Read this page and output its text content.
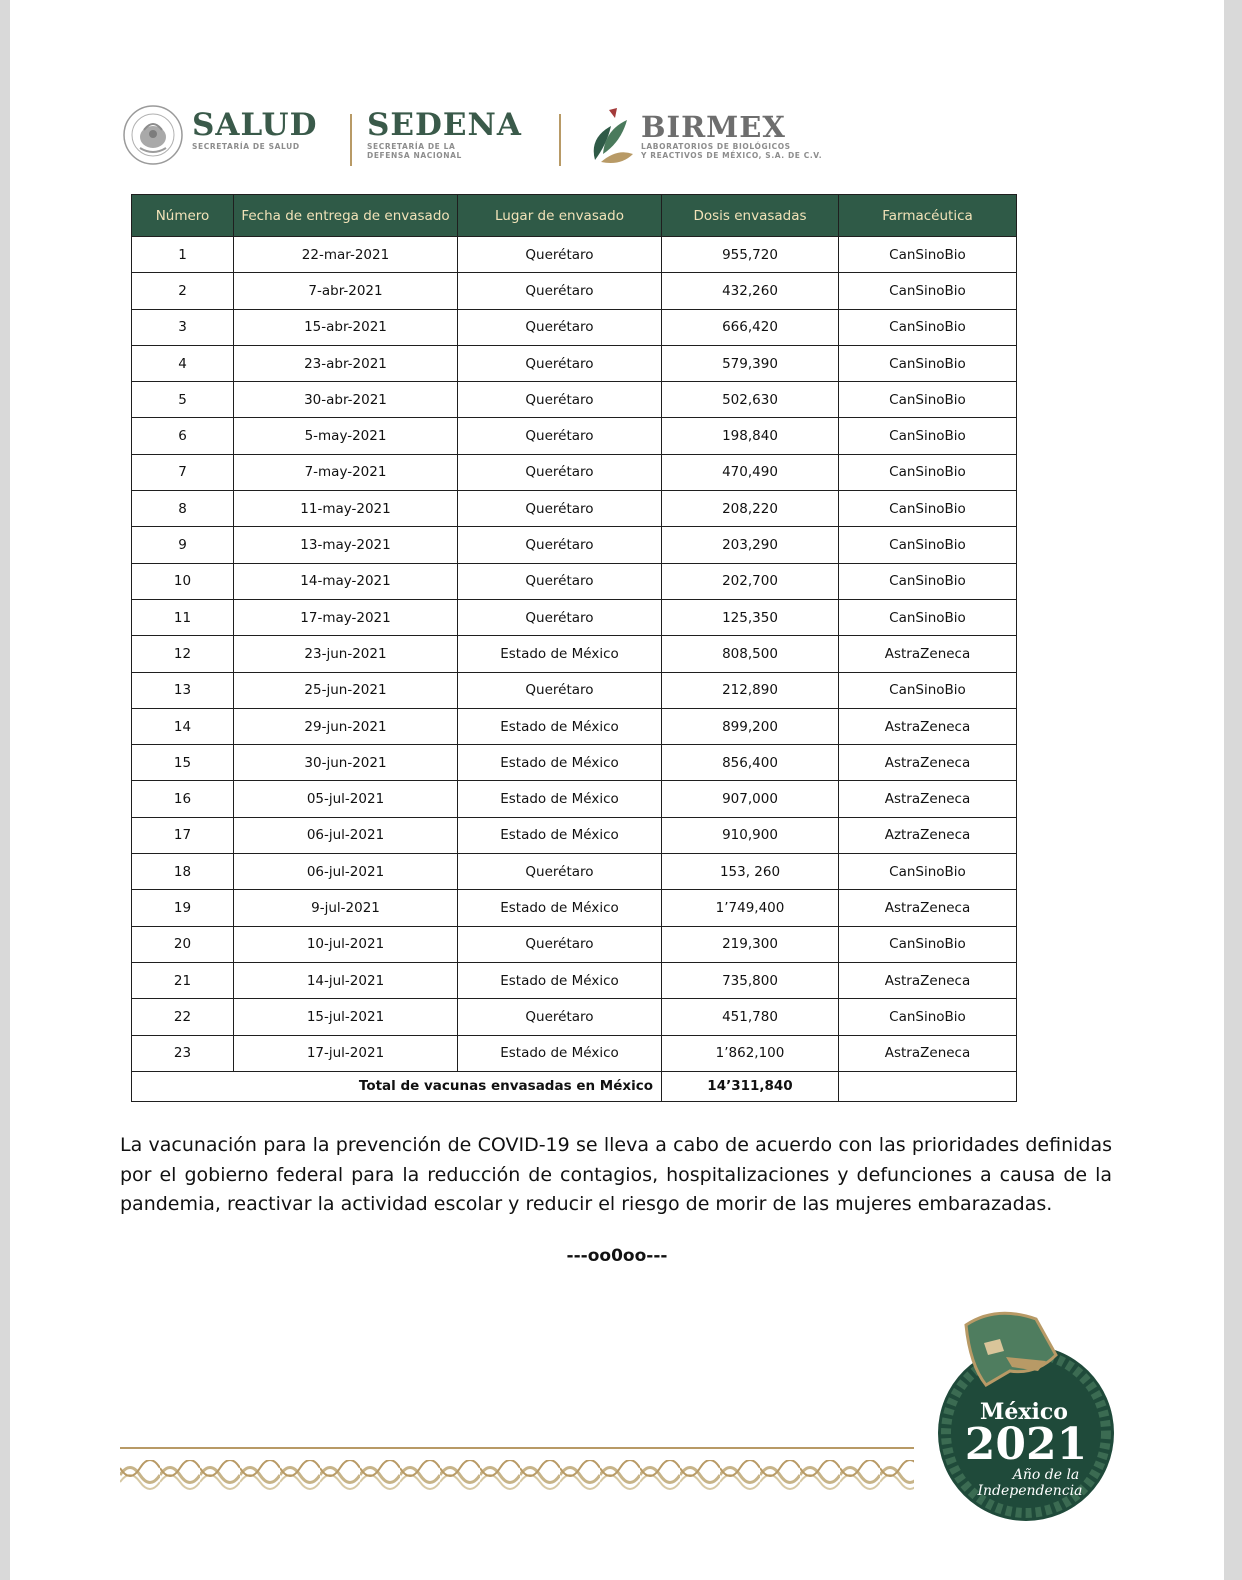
SALUD
SECRETARÍA DE SALUD
SEDENA
SECRETARÍA DE LA
DEFENSA NACIONAL
BIRMEX
LABORATORIOS DE BIOLÓGICOS
Y REACTIVOS DE MÉXICO, S.A. DE C.V.
Número	Fecha de entrega de envasado	Lugar de envasado	Dosis envasadas	Farmacéutica
1	22-mar-2021	Querétaro	955,720	CanSinoBio
2	7-abr-2021	Querétaro	432,260	CanSinoBio
3	15-abr-2021	Querétaro	666,420	CanSinoBio
4	23-abr-2021	Querétaro	579,390	CanSinoBio
5	30-abr-2021	Querétaro	502,630	CanSinoBio
6	5-may-2021	Querétaro	198,840	CanSinoBio
7	7-may-2021	Querétaro	470,490	CanSinoBio
8	11-may-2021	Querétaro	208,220	CanSinoBio
9	13-may-2021	Querétaro	203,290	CanSinoBio
10	14-may-2021	Querétaro	202,700	CanSinoBio
11	17-may-2021	Querétaro	125,350	CanSinoBio
12	23-jun-2021	Estado de México	808,500	AstraZeneca
13	25-jun-2021	Querétaro	212,890	CanSinoBio
14	29-jun-2021	Estado de México	899,200	AstraZeneca
15	30-jun-2021	Estado de México	856,400	AstraZeneca
16	05-jul-2021	Estado de México	907,000	AstraZeneca
17	06-jul-2021	Estado de México	910,900	AztraZeneca
18	06-jul-2021	Querétaro	153, 260	CanSinoBio
19	9-jul-2021	Estado de México	1’749,400	AstraZeneca
20	10-jul-2021	Querétaro	219,300	CanSinoBio
21	14-jul-2021	Estado de México	735,800	AstraZeneca
22	15-jul-2021	Querétaro	451,780	CanSinoBio
23	17-jul-2021	Estado de México	1’862,100	AstraZeneca
Total de vacunas envasadas en México			14’311,840	

La vacunación para la prevención de COVID-19 se lleva a cabo de acuerdo con las prioridades definidas por el gobierno federal para la reducción de contagios, hospitalizaciones y defunciones a causa de la pandemia, reactivar la actividad escolar y reducir el riesgo de morir de las mujeres embarazadas.

---oo0oo---
México
2021
Año de la
Independencia
